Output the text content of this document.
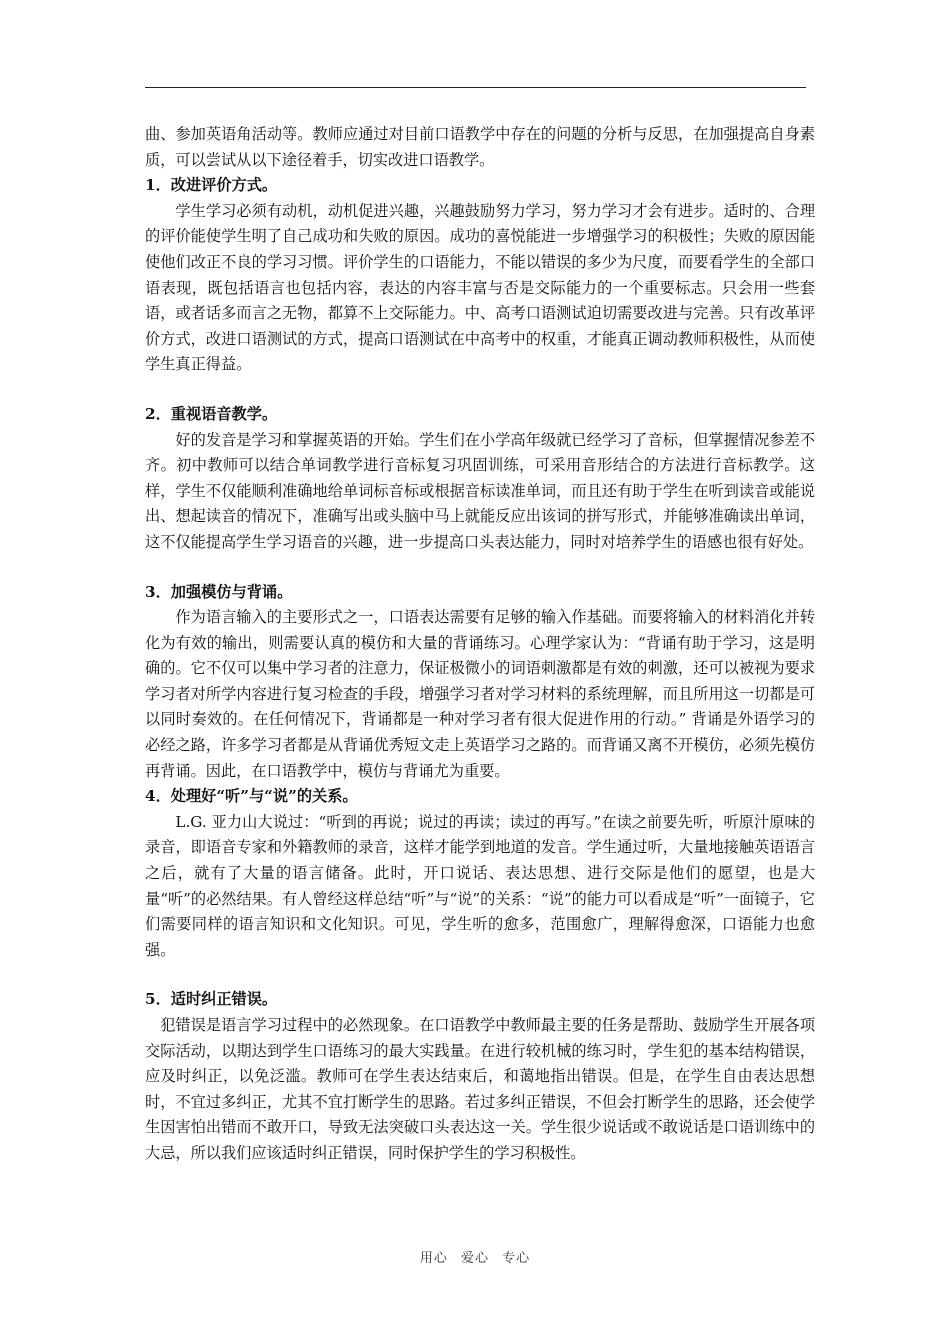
曲、参加英语角活动等。教师应通过对目前口语教学中存在的问题的分析与反思，在加强提高自身素质，可以尝试从以下途径着手，切实改进口语教学。

1．改进评价方式。

学生学习必须有动机，动机促进兴趣，兴趣鼓励努力学习，努力学习才会有进步。适时的、合理的评价能使学生明了自己成功和失败的原因。成功的喜悦能进一步增强学习的积极性；失败的原因能使他们改正不良的学习习惯。评价学生的口语能力，不能以错误的多少为尺度，而要看学生的全部口语表现，既包括语言也包括内容，表达的内容丰富与否是交际能力的一个重要标志。只会用一些套语，或者话多而言之无物，都算不上交际能力。中、高考口语测试迫切需要改进与完善。只有改革评价方式，改进口语测试的方式，提高口语测试在中高考中的权重，才能真正调动教师积极性，从而使学生真正得益。

2．重视语音教学。

好的发音是学习和掌握英语的开始。学生们在小学高年级就已经学习了音标，但掌握情况参差不齐。初中教师可以结合单词教学进行音标复习巩固训练，可采用音形结合的方法进行音标教学。这样，学生不仅能顺利准确地给单词标音标或根据音标读准单词，而且还有助于学生在听到读音或能说出、想起读音的情况下，准确写出或头脑中马上就能反应出该词的拼写形式，并能够准确读出单词，这不仅能提高学生学习语音的兴趣，进一步提高口头表达能力，同时对培养学生的语感也很有好处。

3．加强模仿与背诵。

作为语言输入的主要形式之一，口语表达需要有足够的输入作基础。而要将输入的材料消化并转化为有效的输出，则需要认真的模仿和大量的背诵练习。心理学家认为：“背诵有助于学习，这是明确的。它不仅可以集中学习者的注意力，保证极微小的词语刺激都是有效的刺激，还可以被视为要求学习者对所学内容进行复习检查的手段，增强学习者对学习材料的系统理解，而且所用这一切都是可以同时奏效的。在任何情况下，背诵都是一种对学习者有很大促进作用的行动。” 背诵是外语学习的必经之路，许多学习者都是从背诵优秀短文走上英语学习之路的。而背诵又离不开模仿，必须先模仿再背诵。因此，在口语教学中，模仿与背诵尤为重要。

4．处理好“听”与“说”的关系。

L.G. 亚力山大说过：“听到的再说；说过的再读；读过的再写。”在读之前要先听，听原汁原味的录音，即语音专家和外籍教师的录音，这样才能学到地道的发音。学生通过听，大量地接触英语语言之后，就有了大量的语言储备。此时，开口说话、表达思想、进行交际是他们的愿望，也是大量“听”的必然结果。有人曾经这样总结“听”与“说”的关系：“说”的能力可以看成是“听”一面镜子，它们需要同样的语言知识和文化知识。可见，学生听的愈多，范围愈广，理解得愈深，口语能力也愈强。

5．适时纠正错误。

犯错误是语言学习过程中的必然现象。在口语教学中教师最主要的任务是帮助、鼓励学生开展各项交际活动，以期达到学生口语练习的最大实践量。在进行较机械的练习时，学生犯的基本结构错误，应及时纠正，以免泛滥。教师可在学生表达结束后，和蔼地指出错误。但是，在学生自由表达思想时，不宜过多纠正，尤其不宜打断学生的思路。若过多纠正错误，不但会打断学生的思路，还会使学生因害怕出错而不敢开口，导致无法突破口头表达这一关。学生很少说话或不敢说话是口语训练中的大忌，所以我们应该适时纠正错误，同时保护学生的学习积极性。

用心 爱心 专心
